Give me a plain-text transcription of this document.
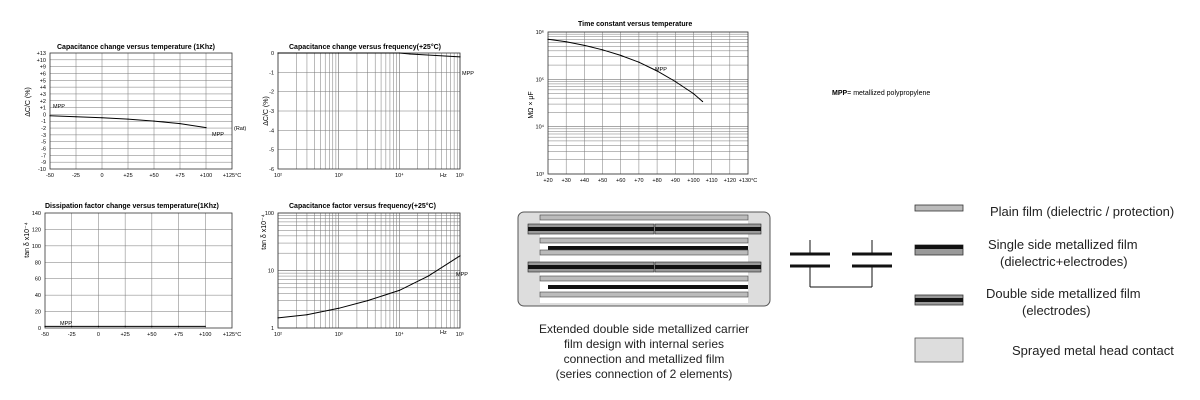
Capacitance change versus temperature (1Khz)
ΔC/C (%)
+13
+10
+9
+6
+5
+4
+3
+2
+1
0
-1
-2
-3
-5
-6
-7
-9
-10
-50	-25	0	+25	+50	+75	+100 +125°C
MPP
MPP
(Rat)
Capacitance change versus frequency(+25°C)
ΔC/C (%)
0
-1
-2
-3
-4
-5
-6
10²	10³	10⁴	10⁵
MPP
Hz
Dissipation factor change versus temperature(1Khz)
tan δ x10⁻⁴
140
120
100
80
60
40
20
0
-50	-25	0	+25	+50	+75	+100 +125°C
MPP
Capacitance factor versus frequency(+25°C)
tan δ x10⁻⁴
100
10
1
10²	10³	10⁴	10⁵
MPP
Hz
Time constant versus temperature
MΩ × μF
10⁶
10⁵
10⁴
10³
+20 +30 +40 +50 +60 +70 +80 +90 +100 +110 +120 +130°C
MPP
MPP= metallized polypropylene
Extended double side metallized carrier
film design with internal series
connection and metallized film
(series connection of 2 elements)
Plain film (dielectric / protection)
Single side metallized film
(dielectric+electrodes)
Double side metallized film
(electrodes)
Sprayed metal head contact
